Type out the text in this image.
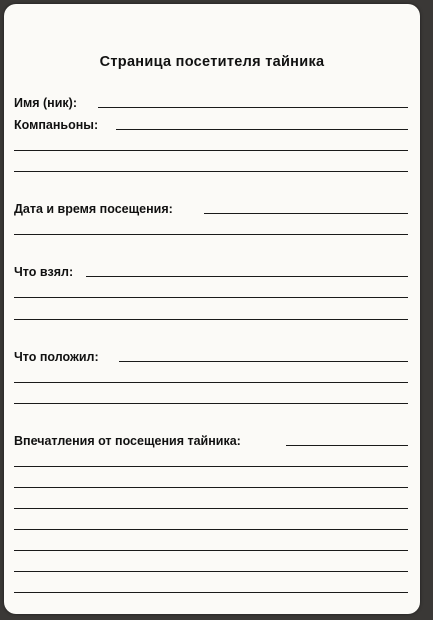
Страница посетителя тайника
Имя (ник):
Компаньоны:
Дата и время посещения:
Что взял:
Что положил:
Впечатления от посещения тайника:
